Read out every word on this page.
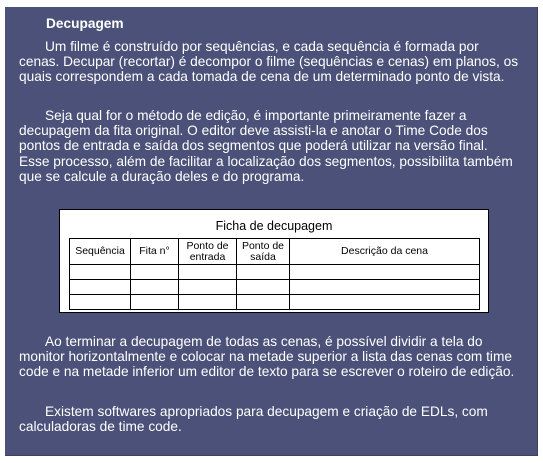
Decupagem

Um filme é construído por sequências, e cada sequência é formada por cenas. Decupar (recortar) é decompor o filme (sequências e cenas) em planos, os quais correspondem a cada tomada de cena de um determinado ponto de vista.

Seja qual for o método de edição, é importante primeiramente fazer a decupagem da fita original. O editor deve assisti-la e anotar o Time Code dos pontos de entrada e saída dos segmentos que poderá utilizar na versão final. Esse processo, além de facilitar a localização dos segmentos, possibilita também que se calcule a duração deles e do programa.

Ficha de decupagem

Sequência	Fita n°	Ponto de entrada	Ponto de saída	Descrição da cena

Ao terminar a decupagem de todas as cenas, é possível dividir a tela do monitor horizontalmente e colocar na metade superior a lista das cenas com time code e na metade inferior um editor de texto para se escrever o roteiro de edição.

Existem softwares apropriados para decupagem e criação de EDLs, com calculadoras de time code.
